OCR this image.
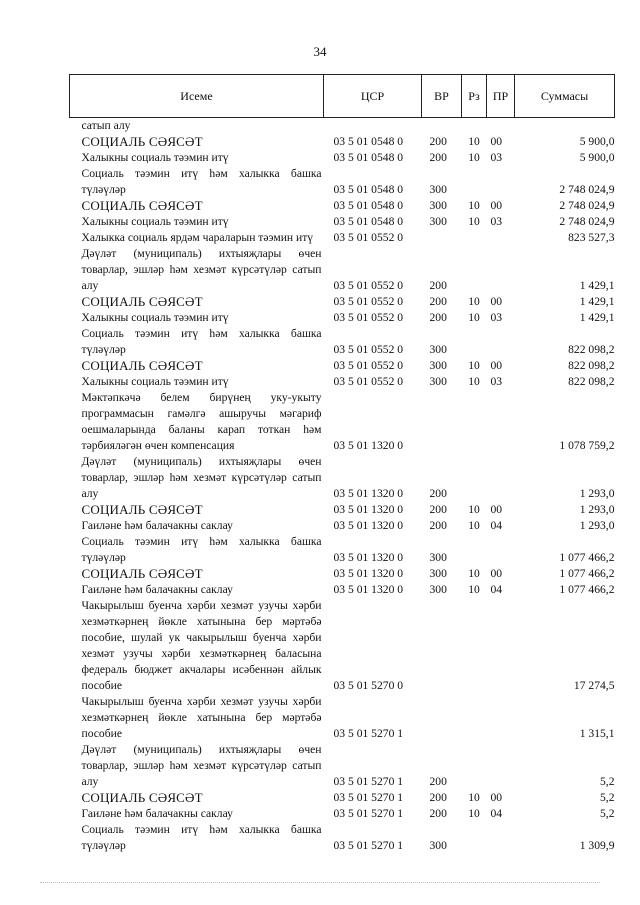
34
Исеме	ЦСР	ВР	Рз	ПР	Суммасы
сатып алу					
СОЦИАЛЬ СӘЯСӘТ	03 5 01 0548 0	200	10	00	5 900,0
Халыкны социаль тәэмин итү	03 5 01 0548 0	200	10	03	5 900,0
Социаль тәэмин итү һәм халыкка башка түләүләр	03 5 01 0548 0	300			2 748 024,9
СОЦИАЛЬ СӘЯСӘТ	03 5 01 0548 0	300	10	00	2 748 024,9
Халыкны социаль тәэмин итү	03 5 01 0548 0	300	10	03	2 748 024,9
Халыкка социаль ярдәм чараларын тәэмин итү	03 5 01 0552 0				823 527,3
Дәүләт (муниципаль) ихтыяҗлары өчен товарлар, эшләр һәм хезмәт күрсәтүләр сатып алу	03 5 01 0552 0	200			1 429,1
СОЦИАЛЬ СӘЯСӘТ	03 5 01 0552 0	200	10	00	1 429,1
Халыкны социаль тәэмин итү	03 5 01 0552 0	200	10	03	1 429,1
Социаль тәэмин итү һәм халыкка башка түләүләр	03 5 01 0552 0	300			822 098,2
СОЦИАЛЬ СӘЯСӘТ	03 5 01 0552 0	300	10	00	822 098,2
Халыкны социаль тәэмин итү	03 5 01 0552 0	300	10	03	822 098,2
Мәктәпкәчә белем бирүнең уку-укыту программасын гамәлгә ашыручы мәгариф оешмаларында баланы карап тоткан һәм тәрбияләгән өчен компенсация	03 5 01 1320 0				1 078 759,2
Дәүләт (муниципаль) ихтыяҗлары өчен товарлар, эшләр һәм хезмәт күрсәтүләр сатып алу	03 5 01 1320 0	200			1 293,0
СОЦИАЛЬ СӘЯСӘТ	03 5 01 1320 0	200	10	00	1 293,0
Гаиләне һәм балачакны саклау	03 5 01 1320 0	200	10	04	1 293,0
Социаль тәэмин итү һәм халыкка башка түләүләр	03 5 01 1320 0	300			1 077 466,2
СОЦИАЛЬ СӘЯСӘТ	03 5 01 1320 0	300	10	00	1 077 466,2
Гаиләне һәм балачакны саклау	03 5 01 1320 0	300	10	04	1 077 466,2
Чакырылыш буенча хәрби хезмәт узучы хәрби хезмәткәрнең йөкле хатынына бер мәртәбә пособие, шулай ук чакырылыш буенча хәрби хезмәт узучы хәрби хезмәткәрнең баласына федераль бюджет акчалары исәбеннән айлык пособие	03 5 01 5270 0				17 274,5
Чакырылыш буенча хәрби хезмәт узучы хәрби хезмәткәрнең йөкле хатынына бер мәртәбә пособие	03 5 01 5270 1				1 315,1
Дәүләт (муниципаль) ихтыяҗлары өчен товарлар, эшләр һәм хезмәт күрсәтүләр сатып алу	03 5 01 5270 1	200			5,2
СОЦИАЛЬ СӘЯСӘТ	03 5 01 5270 1	200	10	00	5,2
Гаиләне һәм балачакны саклау	03 5 01 5270 1	200	10	04	5,2
Социаль тәэмин итү һәм халыкка башка түләүләр	03 5 01 5270 1	300			1 309,9
